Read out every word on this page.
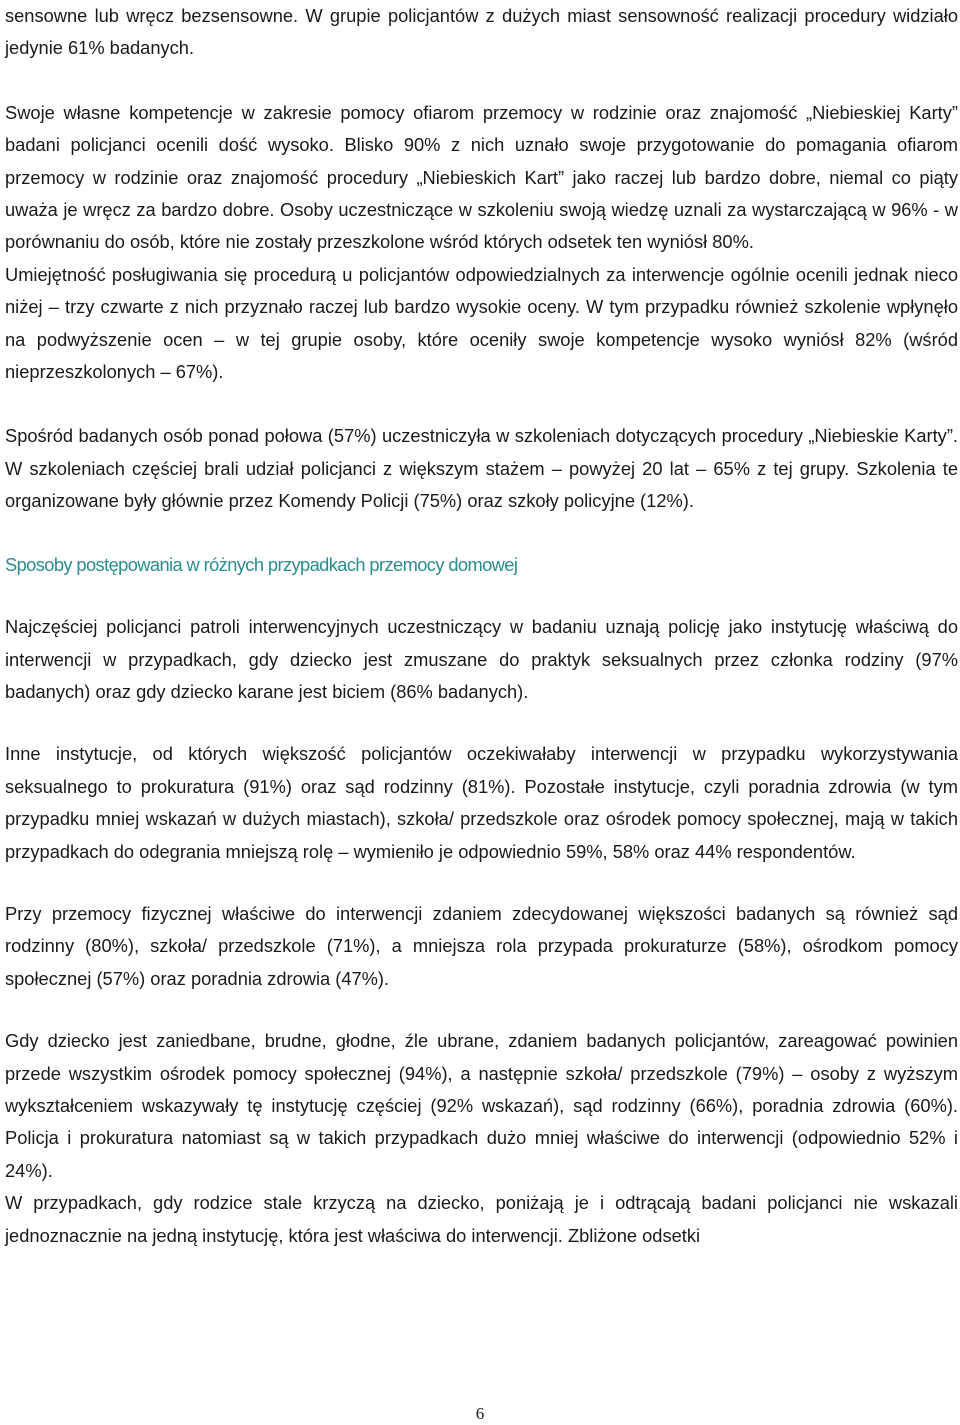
sensowne lub wręcz bezsensowne. W grupie policjantów z dużych miast sensowność realizacji procedury widziało jedynie 61% badanych.

Swoje własne kompetencje w zakresie pomocy ofiarom przemocy w rodzinie oraz znajomość „Niebieskiej Karty” badani policjanci ocenili dość wysoko. Blisko 90% z nich uznało swoje przygotowanie do pomagania ofiarom przemocy w rodzinie oraz znajomość procedury „Niebieskich Kart” jako raczej lub bardzo dobre, niemal co piąty uważa je wręcz za bardzo dobre. Osoby uczestniczące w szkoleniu swoją wiedzę uznali za wystarczającą w 96% - w porównaniu do osób, które nie zostały przeszkolone wśród których odsetek ten wyniósł 80%.

Umiejętność posługiwania się procedurą u policjantów odpowiedzialnych za interwencje ogólnie ocenili jednak nieco niżej – trzy czwarte z nich przyznało raczej lub bardzo wysokie oceny. W tym przypadku również szkolenie wpłynęło na podwyższenie ocen – w tej grupie osoby, które oceniły swoje kompetencje wysoko wyniósł 82% (wśród nieprzeszkolonych – 67%).

Spośród badanych osób ponad połowa (57%) uczestniczyła w szkoleniach dotyczących procedury „Niebieskie Karty”. W szkoleniach częściej brali udział policjanci z większym stażem – powyżej 20 lat – 65% z tej grupy. Szkolenia te organizowane były głównie przez Komendy Policji (75%) oraz szkoły policyjne (12%).

Sposoby postępowania w różnych przypadkach przemocy domowej

Najczęściej policjanci patroli interwencyjnych uczestniczący w badaniu uznają policję jako instytucję właściwą do interwencji w przypadkach, gdy dziecko jest zmuszane do praktyk seksualnych przez członka rodziny (97% badanych) oraz gdy dziecko karane jest biciem (86% badanych).

Inne instytucje, od których większość policjantów oczekiwałaby interwencji w przypadku wykorzystywania seksualnego to prokuratura (91%) oraz sąd rodzinny (81%). Pozostałe instytucje, czyli poradnia zdrowia (w tym przypadku mniej wskazań w dużych miastach), szkoła/ przedszkole oraz ośrodek pomocy społecznej, mają w takich przypadkach do odegrania mniejszą rolę – wymieniło je odpowiednio 59%, 58% oraz 44% respondentów.

Przy przemocy fizycznej właściwe do interwencji zdaniem zdecydowanej większości badanych są również sąd rodzinny (80%), szkoła/ przedszkole (71%), a mniejsza rola przypada prokuraturze (58%), ośrodkom pomocy społecznej (57%) oraz poradnia zdrowia (47%).

Gdy dziecko jest zaniedbane, brudne, głodne, źle ubrane, zdaniem badanych policjantów, zareagować powinien przede wszystkim ośrodek pomocy społecznej (94%), a następnie szkoła/ przedszkole (79%) – osoby z wyższym wykształceniem wskazywały tę instytucję częściej (92% wskazań), sąd rodzinny (66%), poradnia zdrowia (60%). Policja i prokuratura natomiast są w takich przypadkach dużo mniej właściwe do interwencji (odpowiednio 52% i 24%).

W przypadkach, gdy rodzice stale krzyczą na dziecko, poniżają je i odtrącają badani policjanci nie wskazali jednoznacznie na jedną instytucję, która jest właściwa do interwencji. Zbliżone odsetki

6
